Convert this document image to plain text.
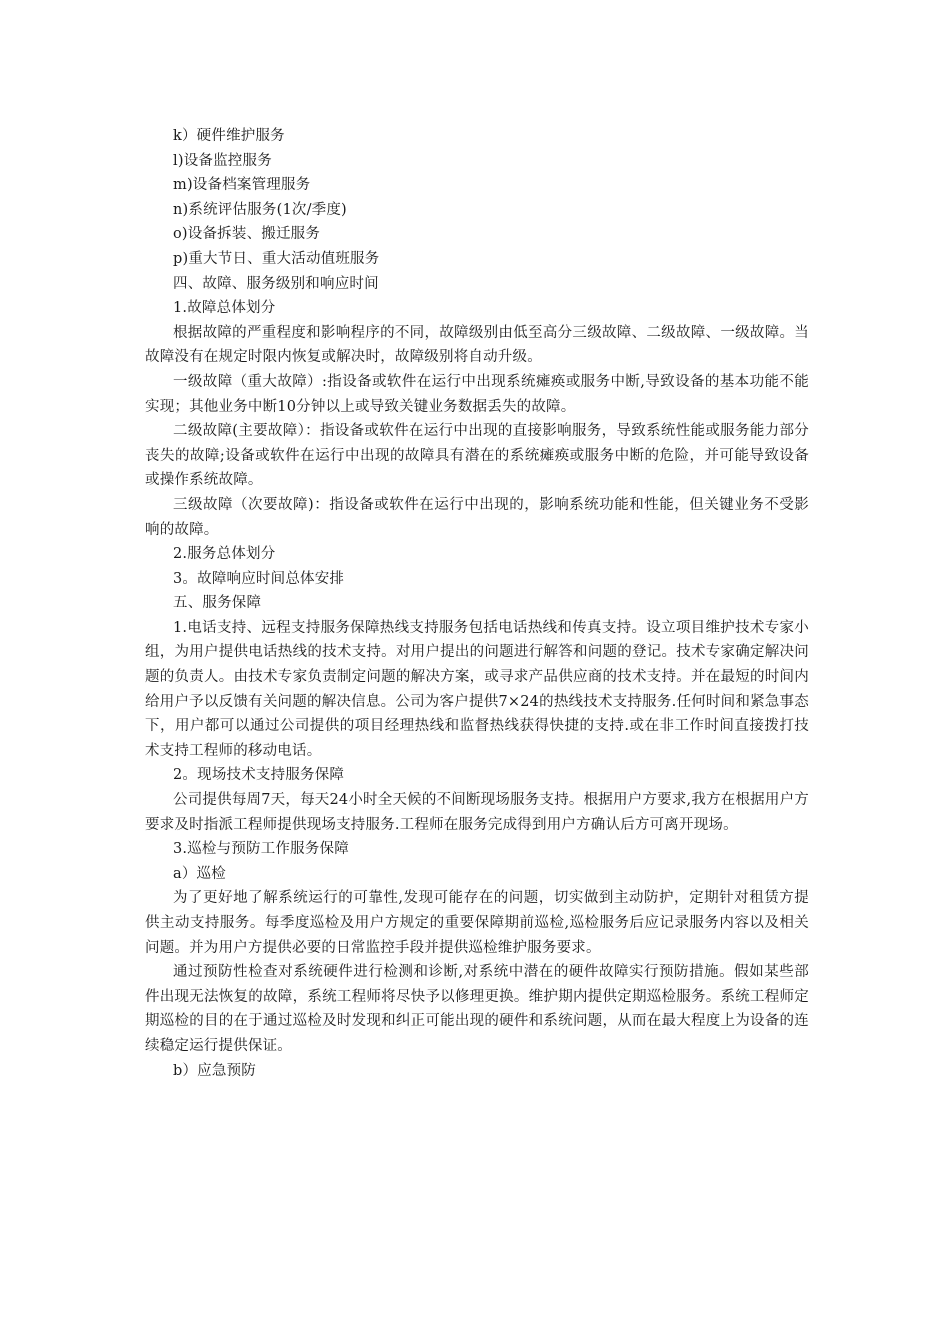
k）硬件维护服务

l)设备监控服务

m)设备档案管理服务

n)系统评估服务(1次/季度)

o)设备拆装、搬迁服务

p)重大节日、重大活动值班服务

四、故障、服务级别和响应时间

1.故障总体划分

根据故障的严重程度和影响程序的不同，故障级别由低至高分三级故障、二级故障、一级故障。当故障没有在规定时限内恢复或解决时，故障级别将自动升级。

一级故障（重大故障）:指设备或软件在运行中出现系统瘫痪或服务中断,导致设备的基本功能不能实现；其他业务中断10分钟以上或导致关键业务数据丢失的故障。

二级故障(主要故障）：指设备或软件在运行中出现的直接影响服务，导致系统性能或服务能力部分丧失的故障;设备或软件在运行中出现的故障具有潜在的系统瘫痪或服务中断的危险，并可能导致设备或操作系统故障。

三级故障（次要故障)：指设备或软件在运行中出现的，影响系统功能和性能，但关键业务不受影响的故障。

2.服务总体划分

3。故障响应时间总体安排

五、服务保障

1.电话支持、远程支持服务保障热线支持服务包括电话热线和传真支持。设立项目维护技术专家小组，为用户提供电话热线的技术支持。对用户提出的问题进行解答和问题的登记。技术专家确定解决问题的负责人。由技术专家负责制定问题的解决方案，或寻求产品供应商的技术支持。并在最短的时间内给用户予以反馈有关问题的解决信息。公司为客户提供7×24的热线技术支持服务.任何时间和紧急事态下，用户都可以通过公司提供的项目经理热线和监督热线获得快捷的支持.或在非工作时间直接拨打技术支持工程师的移动电话。

2。现场技术支持服务保障

公司提供每周7天，每天24小时全天候的不间断现场服务支持。根据用户方要求,我方在根据用户方要求及时指派工程师提供现场支持服务.工程师在服务完成得到用户方确认后方可离开现场。

3.巡检与预防工作服务保障

a）巡检

为了更好地了解系统运行的可靠性,发现可能存在的问题，切实做到主动防护，定期针对租赁方提供主动支持服务。每季度巡检及用户方规定的重要保障期前巡检,巡检服务后应记录服务内容以及相关问题。并为用户方提供必要的日常监控手段并提供巡检维护服务要求。

通过预防性检查对系统硬件进行检测和诊断,对系统中潜在的硬件故障实行预防措施。假如某些部件出现无法恢复的故障，系统工程师将尽快予以修理更换。维护期内提供定期巡检服务。系统工程师定期巡检的目的在于通过巡检及时发现和纠正可能出现的硬件和系统问题，从而在最大程度上为设备的连续稳定运行提供保证。

b）应急预防
